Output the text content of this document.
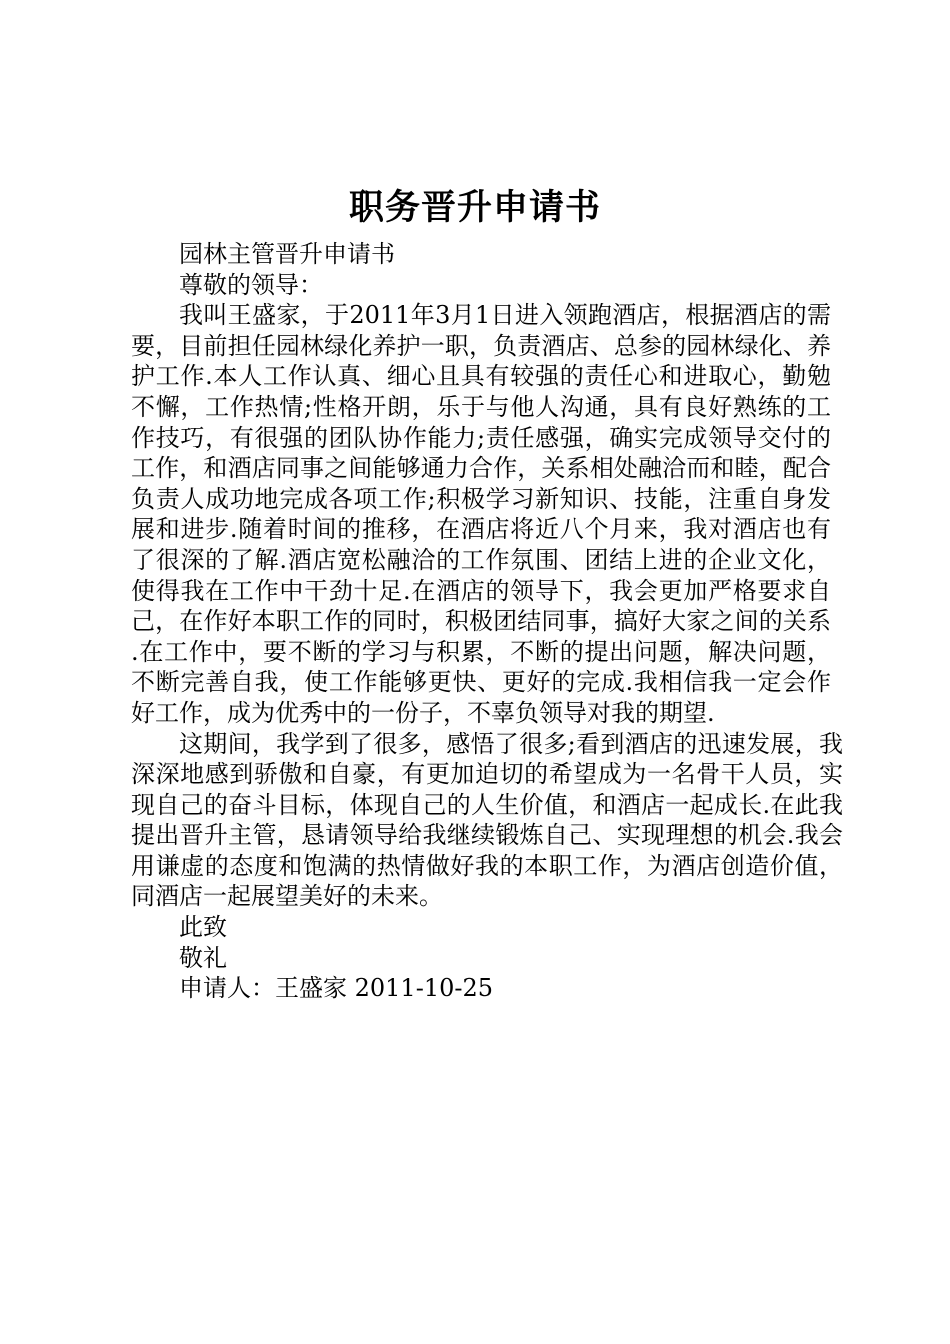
职务晋升申请书

园林主管晋升申请书

尊敬的领导：

我叫王盛家，于2011年3月1日进入领跑酒店，根据酒店的需要，目前担任园林绿化养护一职，负责酒店、总参的园林绿化、养护工作.本人工作认真、细心且具有较强的责任心和进取心，勤勉不懈，工作热情;性格开朗，乐于与他人沟通，具有良好熟练的工作技巧，有很强的团队协作能力;责任感强，确实完成领导交付的工作，和酒店同事之间能够通力合作，关系相处融洽而和睦，配合负责人成功地完成各项工作;积极学习新知识、技能，注重自身发展和进步.随着时间的推移，在酒店将近八个月来，我对酒店也有了很深的了解.酒店宽松融洽的工作氛围、团结上进的企业文化，使得我在工作中干劲十足.在酒店的领导下，我会更加严格要求自己，在作好本职工作的同时，积极团结同事，搞好大家之间的关系.在工作中，要不断的学习与积累，不断的提出问题，解决问题，不断完善自我，使工作能够更快、更好的完成.我相信我一定会作好工作，成为优秀中的一份子，不辜负领导对我的期望.

这期间，我学到了很多，感悟了很多;看到酒店的迅速发展，我深深地感到骄傲和自豪，有更加迫切的希望成为一名骨干人员，实现自己的奋斗目标，体现自己的人生价值，和酒店一起成长.在此我提出晋升主管，恳请领导给我继续锻炼自己、实现理想的机会.我会用谦虚的态度和饱满的热情做好我的本职工作，为酒店创造价值，同酒店一起展望美好的未来。

此致

敬礼

申请人：王盛家 2011-10-25
